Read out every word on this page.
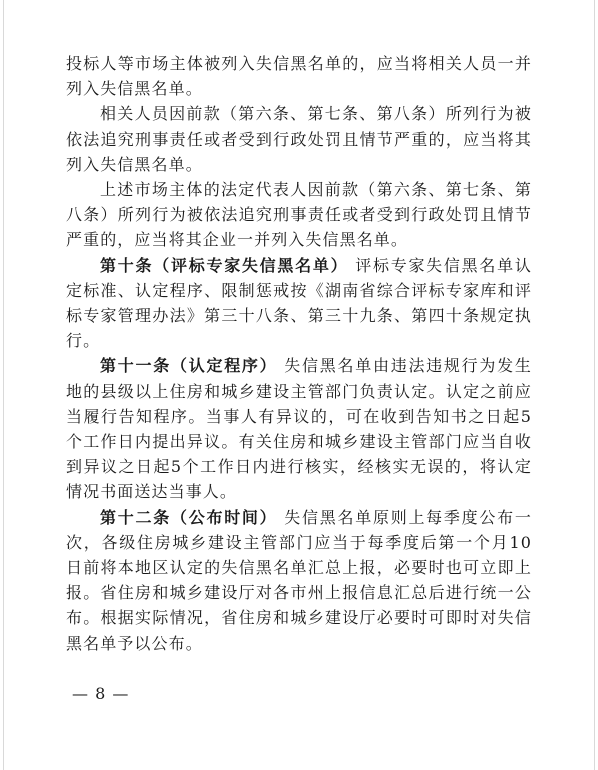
投标人等市场主体被列入失信黑名单的，应当将相关人员一并列入失信黑名单。

相关人员因前款（第六条、第七条、第八条）所列行为被依法追究刑事责任或者受到行政处罚且情节严重的，应当将其列入失信黑名单。

上述市场主体的法定代表人因前款（第六条、第七条、第八条）所列行为被依法追究刑事责任或者受到行政处罚且情节严重的，应当将其企业一并列入失信黑名单。

第十条（评标专家失信黑名单） 评标专家失信黑名单认定标准、认定程序、限制惩戒按《湖南省综合评标专家库和评标专家管理办法》第三十八条、第三十九条、第四十条规定执行。

第十一条（认定程序） 失信黑名单由违法违规行为发生地的县级以上住房和城乡建设主管部门负责认定。认定之前应当履行告知程序。当事人有异议的，可在收到告知书之日起5个工作日内提出异议。有关住房和城乡建设主管部门应当自收到异议之日起5个工作日内进行核实，经核实无误的，将认定情况书面送达当事人。

第十二条（公布时间） 失信黑名单原则上每季度公布一次，各级住房城乡建设主管部门应当于每季度后第一个月10日前将本地区认定的失信黑名单汇总上报，必要时也可立即上报。省住房和城乡建设厅对各市州上报信息汇总后进行统一公布。根据实际情况，省住房和城乡建设厅必要时可即时对失信黑名单予以公布。

— 8 —
